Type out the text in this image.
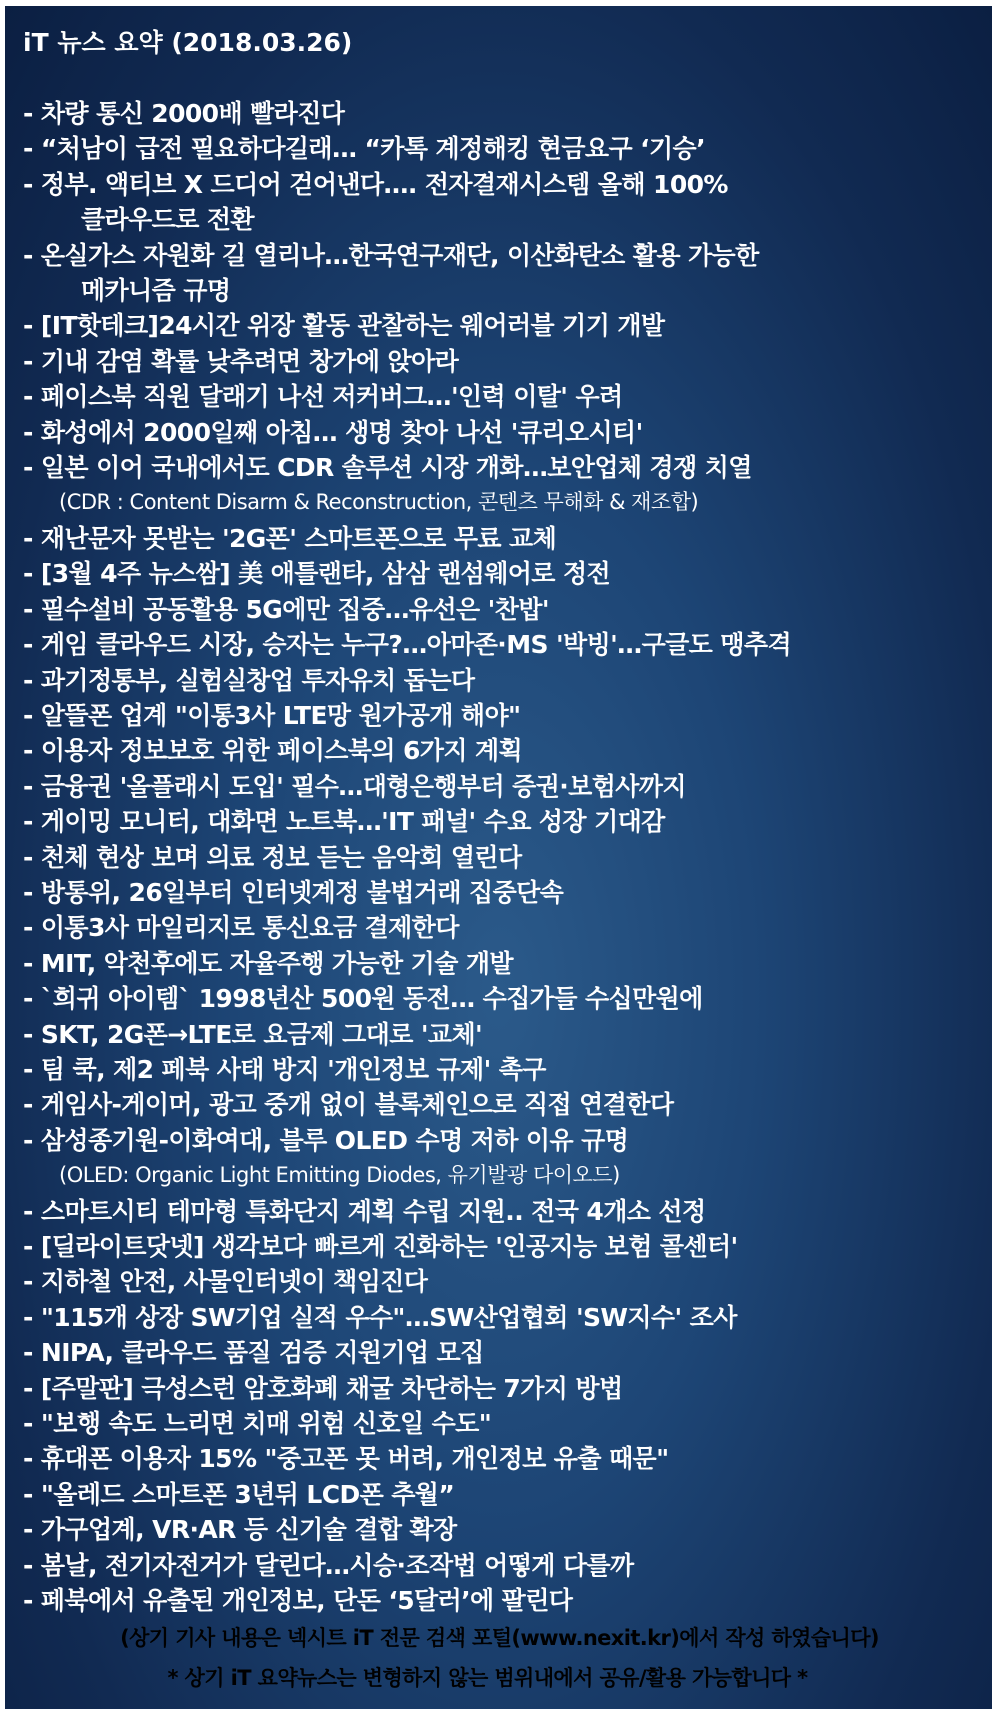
iT 뉴스 요약 (2018.03.26)
- 차량 통신 2000배 빨라진다
- “처남이 급전 필요하다길래… “카톡 계정해킹 현금요구 ‘기승’
- 정부. 액티브 X 드디어 걷어낸다…. 전자결재시스템 올해 100%
클라우드로 전환
- 온실가스 자원화 길 열리나…한국연구재단, 이산화탄소 활용 가능한
메카니즘 규명
- [IT핫테크]24시간 위장 활동 관찰하는 웨어러블 기기 개발
- 기내 감염 확률 낮추려면 창가에 앉아라
- 페이스북 직원 달래기 나선 저커버그…'인력 이탈' 우려
- 화성에서 2000일째 아침… 생명 찾아 나선 '큐리오시티'
- 일본 이어 국내에서도 CDR 솔루션 시장 개화…보안업체 경쟁 치열
(CDR : Content Disarm & Reconstruction, 콘텐츠 무해화 & 재조합)
- 재난문자 못받는 '2G폰' 스마트폰으로 무료 교체
- [3월 4주 뉴스쌈] 美 애틀랜타, 삼삼 랜섬웨어로 정전
- 필수설비 공동활용 5G에만 집중…유선은 '찬밥'
- 게임 클라우드 시장, 승자는 누구?…아마존·MS '박빙'…구글도 맹추격
- 과기정통부, 실험실창업 투자유치 돕는다
- 알뜰폰 업계 "이통3사 LTE망 원가공개 해야"
- 이용자 정보보호 위한 페이스북의 6가지 계획
- 금융권 '올플래시 도입' 필수…대형은행부터 증권·보험사까지
- 게이밍 모니터, 대화면 노트북…'IT 패널' 수요 성장 기대감
- 천체 현상 보며 의료 정보 듣는 음악회 열린다
- 방통위, 26일부터 인터넷계정 불법거래 집중단속
- 이통3사 마일리지로 통신요금 결제한다
- MIT, 악천후에도 자율주행 가능한 기술 개발
- `희귀 아이템` 1998년산 500원 동전… 수집가들 수십만원에
- SKT, 2G폰→LTE로 요금제 그대로 '교체'
- 팀 쿡, 제2 페북 사태 방지 '개인정보 규제' 촉구
- 게임사-게이머, 광고 중개 없이 블록체인으로 직접 연결한다
- 삼성종기원-이화여대, 블루 OLED 수명 저하 이유 규명
(OLED: Organic Light Emitting Diodes, 유기발광 다이오드)
- 스마트시티 테마형 특화단지 계획 수립 지원.. 전국 4개소 선정
- [딜라이트닷넷] 생각보다 빠르게 진화하는 '인공지능 보험 콜센터'
- 지하철 안전, 사물인터넷이 책임진다
- "115개 상장 SW기업 실적 우수"…SW산업협회 'SW지수' 조사
- NIPA, 클라우드 품질 검증 지원기업 모집
- [주말판] 극성스런 암호화폐 채굴 차단하는 7가지 방법
- "보행 속도 느리면 치매 위험 신호일 수도"
- 휴대폰 이용자 15% "중고폰 못 버려, 개인정보 유출 때문"
- "올레드 스마트폰 3년뒤 LCD폰 추월”
- 가구업계, VR·AR 등 신기술 결합 확장
- 봄날, 전기자전거가 달린다…시승·조작법 어떻게 다를까
- 페북에서 유출된 개인정보, 단돈 ‘5달러’에 팔린다
(상기 기사 내용은 넥시트 iT 전문 검색 포털(www.nexit.kr)에서 작성 하였습니다)
* 상기 iT 요약뉴스는 변형하지 않는 범위내에서 공유/활용 가능합니다 *
